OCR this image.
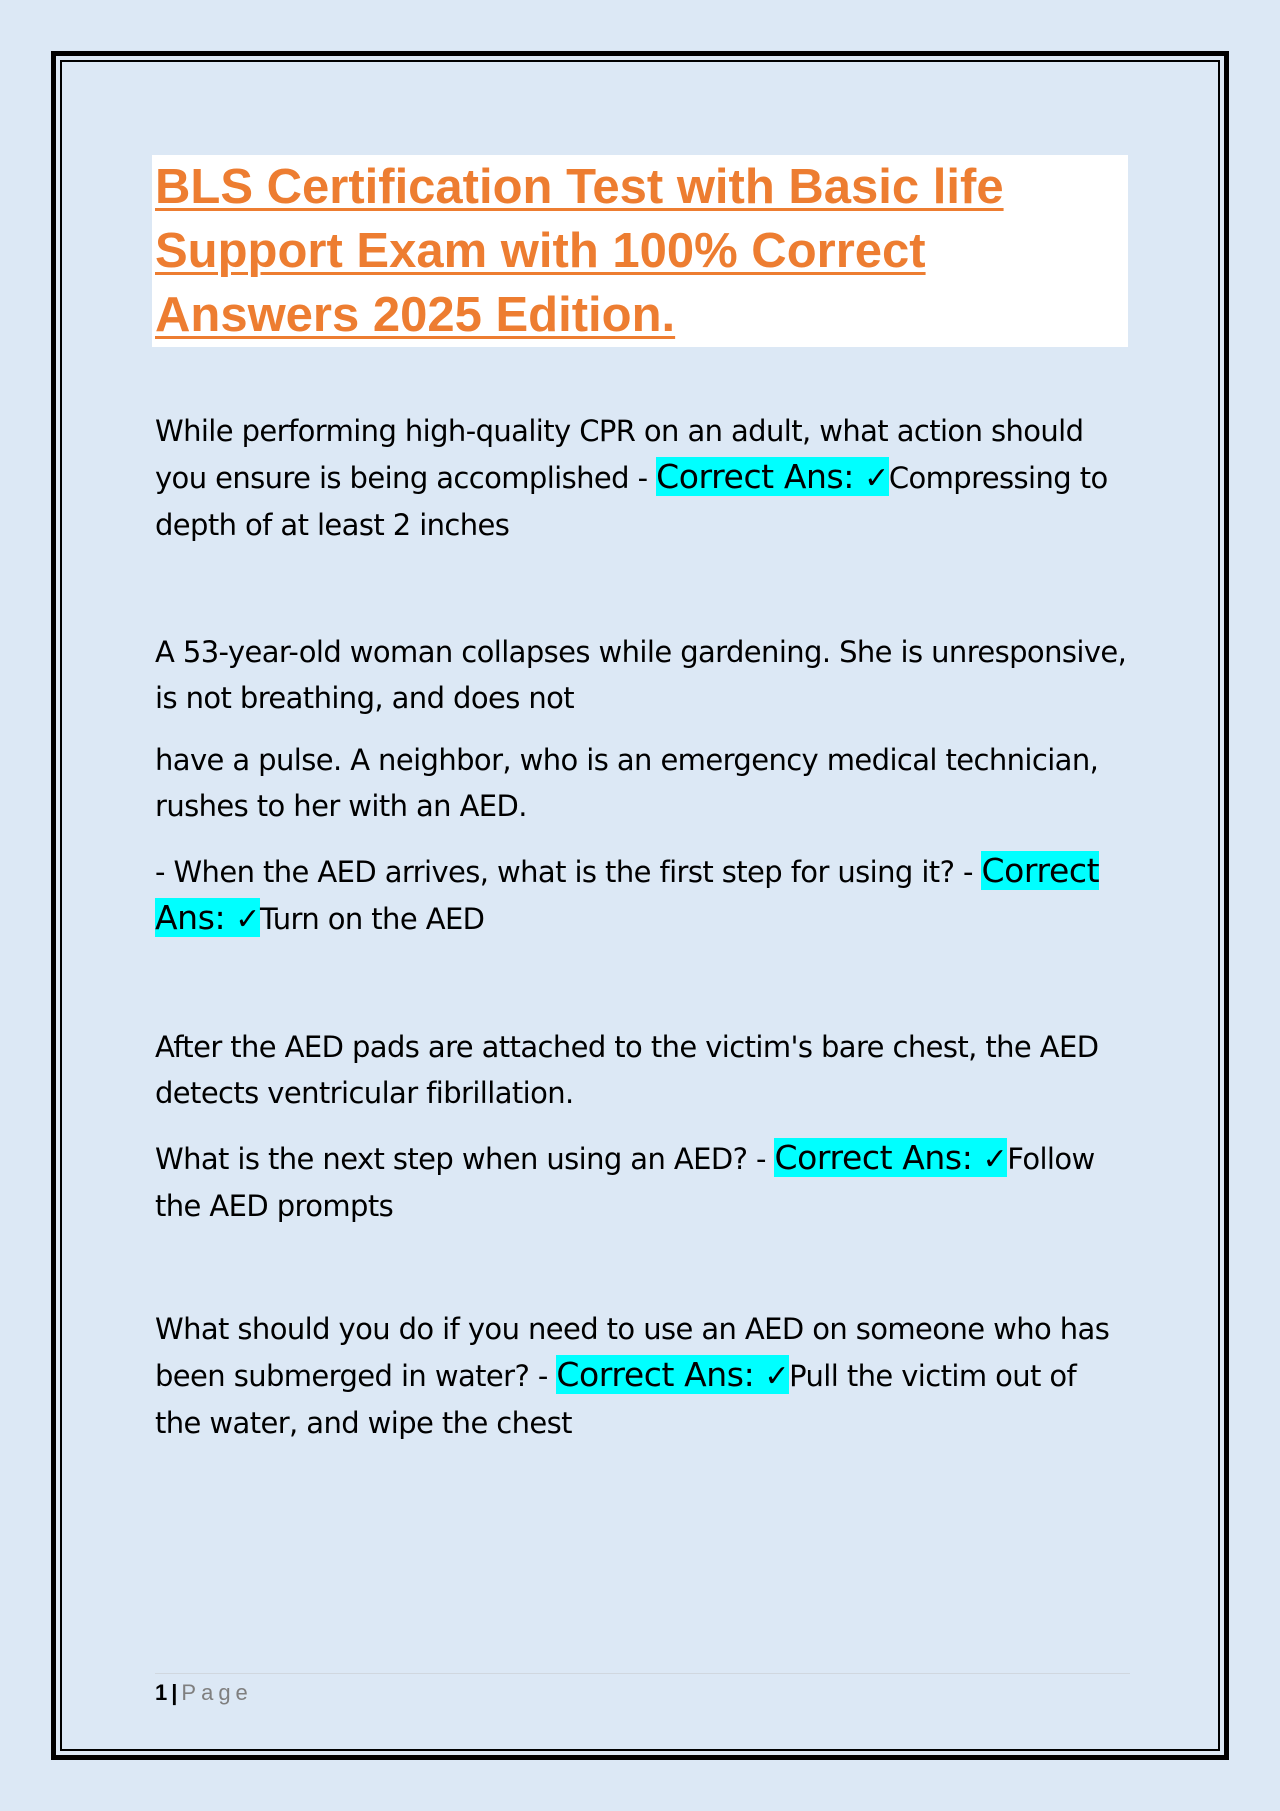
BLS Certification Test with Basic life Support Exam with 100% Correct Answers 2025 Edition.

While performing high-quality CPR on an adult, what action should you ensure is being accomplished - Correct Ans: ✓Compressing to depth of at least 2 inches

A 53-year-old woman collapses while gardening. She is unresponsive, is not breathing, and does not

have a pulse. A neighbor, who is an emergency medical technician, rushes to her with an AED.

- When the AED arrives, what is the first step for using it? - Correct Ans: ✓Turn on the AED

After the AED pads are attached to the victim's bare chest, the AED detects ventricular fibrillation.

What is the next step when using an AED? - Correct Ans: ✓Follow the AED prompts

What should you do if you need to use an AED on someone who has been submerged in water? - Correct Ans: ✓Pull the victim out of the water, and wipe the chest

1 | Page
